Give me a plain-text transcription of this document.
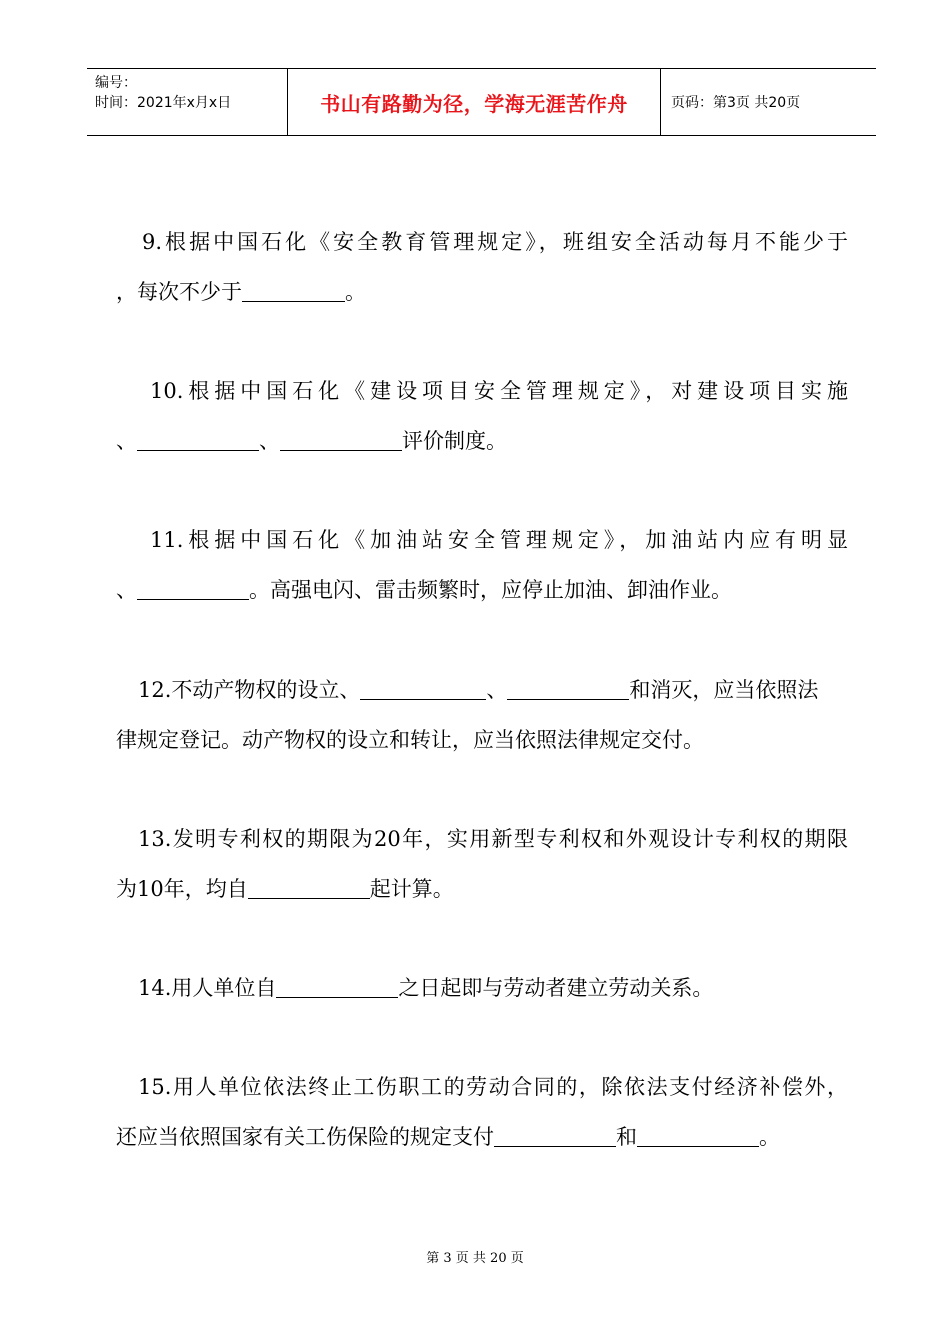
编号：
时间：2021年x月x日	书山有路勤为径，学海无涯苦作舟	页码：第3页 共20页
9.根据中国石化《安全教育管理规定》，班组安全活动每月不能少于
，每次不少于	。
10.根据中国石化《建设项目安全管理规定》，对建设项目实施
、	、	评价制度。
11.根据中国石化《加油站安全管理规定》，加油站内应有明显
、	。高强电闪、雷击频繁时，应停止加油、卸油作业。
12.不动产物权的设立、	、	和消灭，应当依照法
律规定登记。动产物权的设立和转让，应当依照法律规定交付。
13.发明专利权的期限为20年，实用新型专利权和外观设计专利权的期限
为10年，均自	起计算。
14.用人单位自	之日起即与劳动者建立劳动关系。
15.用人单位依法终止工伤职工的劳动合同的，除依法支付经济补偿外，
还应当依照国家有关工伤保险的规定支付	和	。
第 3 页 共 20 页
